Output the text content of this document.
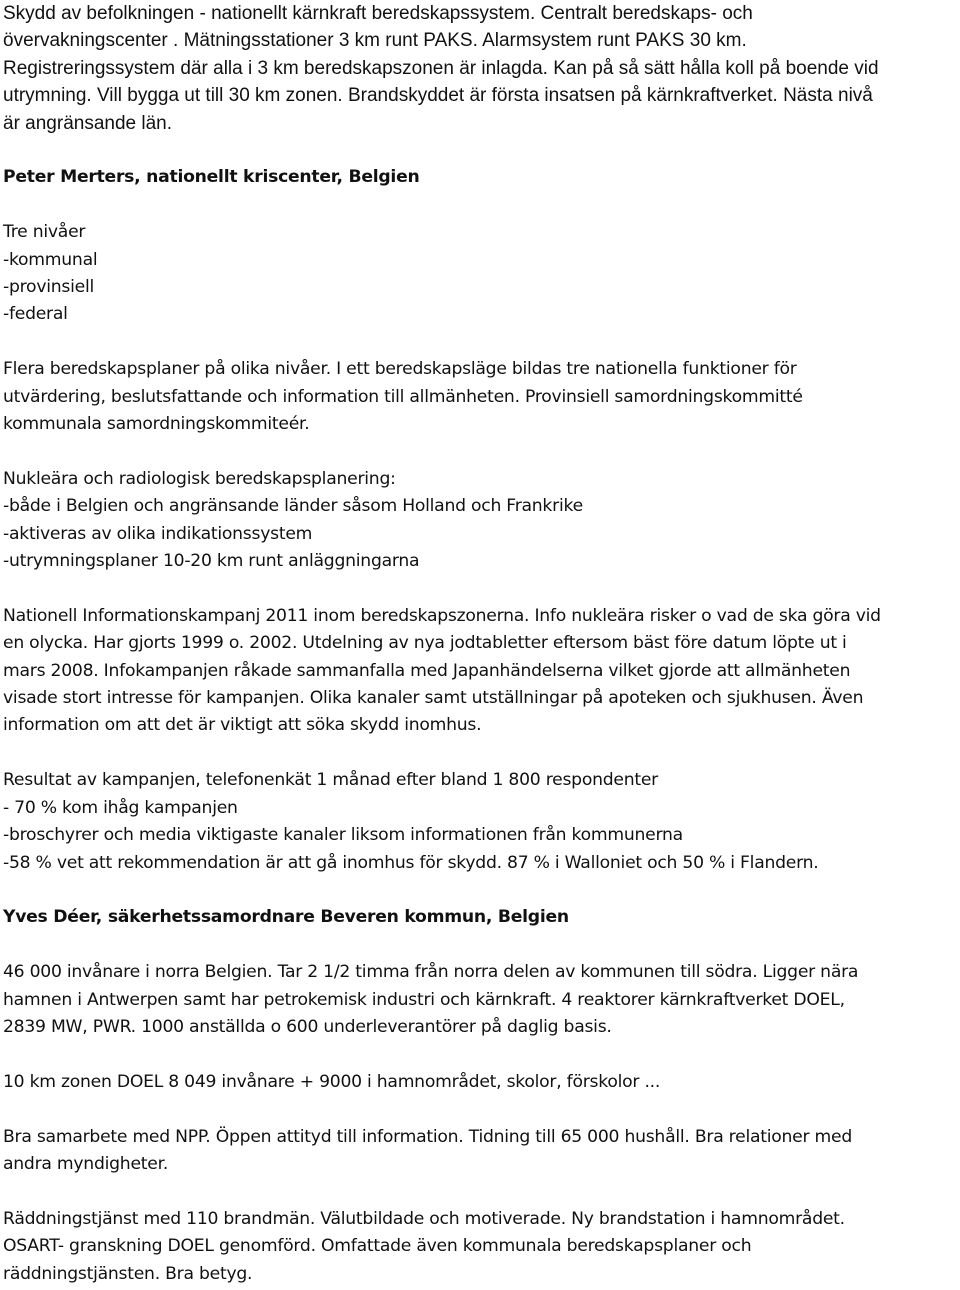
Skydd av befolkningen - nationellt kärnkraft beredskapssystem. Centralt beredskaps- och
övervakningscenter . Mätningsstationer 3 km runt PAKS. Alarmsystem runt PAKS 30 km.
Registreringssystem där alla i 3 km beredskapszonen är inlagda. Kan på så sätt hålla koll på boende vid
utrymning. Vill bygga ut till 30 km zonen. Brandskyddet är första insatsen på kärnkraftverket. Nästa nivå
är angränsande län.

Peter Merters, nationellt kriscenter, Belgien
Tre nivåer
-kommunal
-provinsiell
-federal
Flera beredskapsplaner på olika nivåer. I ett beredskapsläge bildas tre nationella funktioner för
utvärdering, beslutsfattande och information till allmänheten. Provinsiell samordningskommitté
kommunala samordningskommiteér.
Nukleära och radiologisk beredskapsplanering:
-både i Belgien och angränsande länder såsom Holland och Frankrike
-aktiveras av olika indikationssystem
-utrymningsplaner 10-20 km runt anläggningarna
Nationell Informationskampanj 2011 inom beredskapszonerna. Info nukleära risker o vad de ska göra vid
en olycka. Har gjorts 1999 o. 2002. Utdelning av nya jodtabletter eftersom bäst före datum löpte ut i
mars 2008. Infokampanjen råkade sammanfalla med Japanhändelserna vilket gjorde att allmänheten
visade stort intresse för kampanjen. Olika kanaler samt utställningar på apoteken och sjukhusen. Även
information om att det är viktigt att söka skydd inomhus.
Resultat av kampanjen, telefonenkät 1 månad efter bland 1 800 respondenter
- 70 % kom ihåg kampanjen
-broschyrer och media viktigaste kanaler liksom informationen från kommunerna
-58 % vet att rekommendation är att gå inomhus för skydd. 87 % i Walloniet och 50 % i Flandern.
Yves Déer, säkerhetssamordnare Beveren kommun, Belgien
46 000 invånare i norra Belgien. Tar 2 1/2 timma från norra delen av kommunen till södra. Ligger nära
hamnen i Antwerpen samt har petrokemisk industri och kärnkraft. 4 reaktorer kärnkraftverket DOEL,
2839 MW, PWR. 1000 anställda o 600 underleverantörer på daglig basis.
10 km zonen DOEL 8 049 invånare + 9000 i hamnområdet, skolor, förskolor ...
Bra samarbete med NPP. Öppen attityd till information. Tidning till 65 000 hushåll. Bra relationer med
andra myndigheter.
Räddningstjänst med 110 brandmän. Välutbildade och motiverade. Ny brandstation i hamnområdet.
OSART- granskning DOEL genomförd. Omfattade även kommunala beredskapsplaner och
räddningstjänsten. Bra betyg.
